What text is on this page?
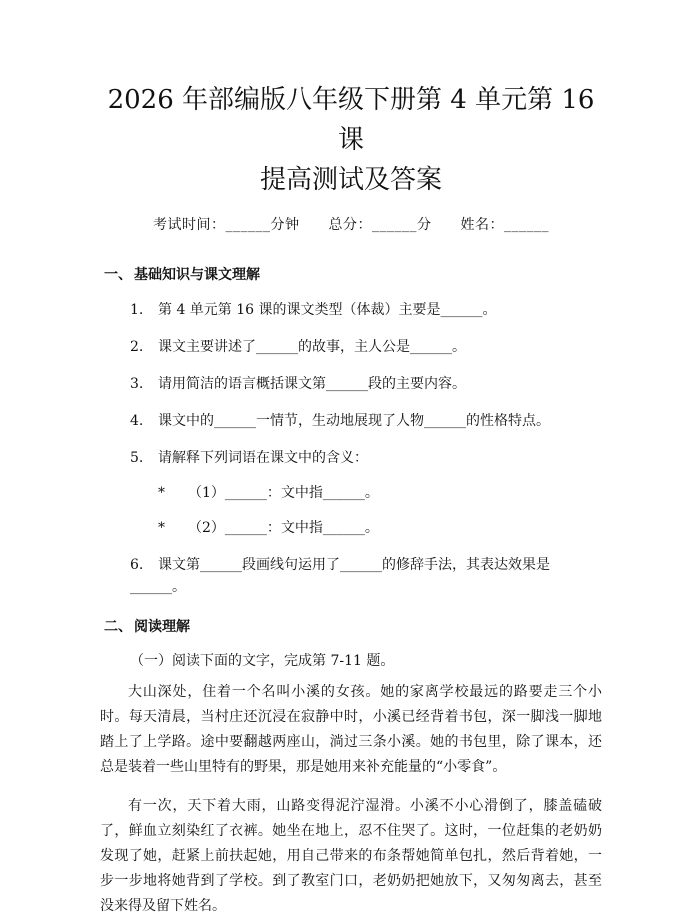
2026 年部编版八年级下册第 4 单元第 16 课
提高测试及答案
考试时间：______分钟 总分：______分 姓名：______
一、 基础知识与课文理解
1. 第 4 单元第 16 课的课文类型（体裁）主要是______。
2. 课文主要讲述了______的故事，主人公是______。
3. 请用简洁的语言概括课文第______段的主要内容。
4. 课文中的______一情节，生动地展现了人物______的性格特点。
5. 请解释下列词语在课文中的含义：
* （1）______：文中指______。
* （2）______：文中指______。
6. 课文第______段画线句运用了______的修辞手法，其表达效果是______。
二、 阅读理解
（一）阅读下面的文字，完成第 7-11 题。

大山深处，住着一个名叫小溪的女孩。她的家离学校最远的路要走三个小时。每天清晨，当村庄还沉浸在寂静中时，小溪已经背着书包，深一脚浅一脚地踏上了上学路。途中要翻越两座山，淌过三条小溪。她的书包里，除了课本，还总是装着一些山里特有的野果，那是她用来补充能量的“小零食”。

有一次，天下着大雨，山路变得泥泞湿滑。小溪不小心滑倒了，膝盖磕破了，鲜血立刻染红了衣裤。她坐在地上，忍不住哭了。这时，一位赶集的老奶奶发现了她，赶紧上前扶起她，用自己带来的布条帮她简单包扎，然后背着她，一步一步地将她背到了学校。到了教室门口，老奶奶把她放下，又匆匆离去，甚至没来得及留下姓名。
